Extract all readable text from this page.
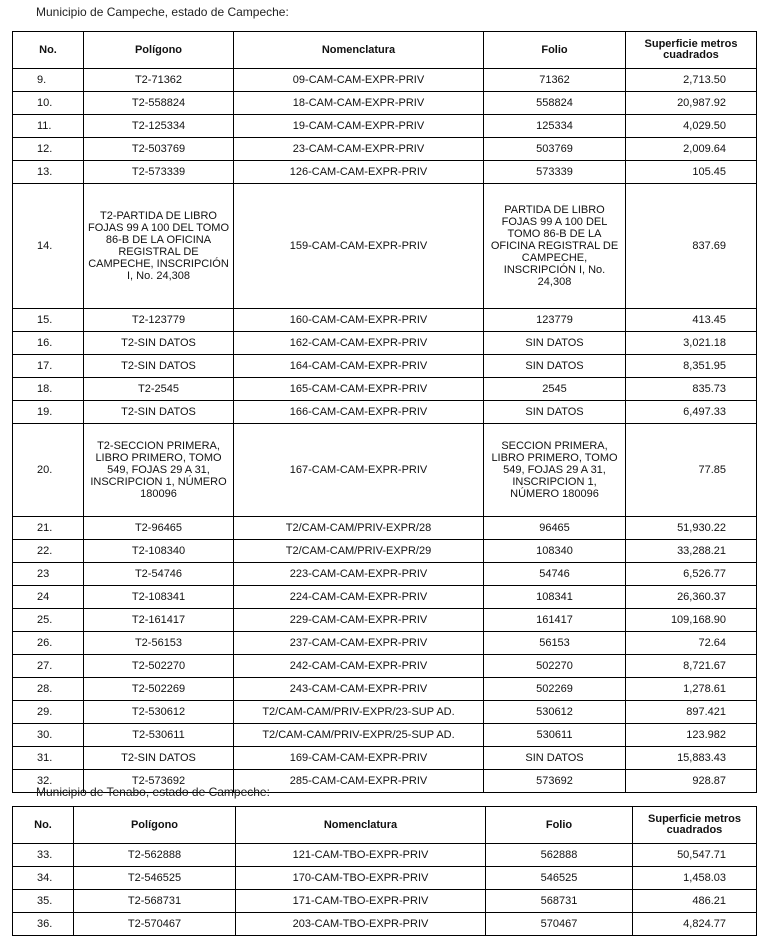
Municipio de Campeche, estado de Campeche:
No.	Polígono	Nomenclatura	Folio	Superficie metros cuadrados
9.	T2-71362	09-CAM-CAM-EXPR-PRIV	71362	2,713.50
10.	T2-558824	18-CAM-CAM-EXPR-PRIV	558824	20,987.92
11.	T2-125334	19-CAM-CAM-EXPR-PRIV	125334	4,029.50
12.	T2-503769	23-CAM-CAM-EXPR-PRIV	503769	2,009.64
13.	T2-573339	126-CAM-CAM-EXPR-PRIV	573339	105.45
14.	T2-PARTIDA DE LIBRO FOJAS 99 A 100 DEL TOMO 86-B DE LA OFICINA REGISTRAL DE CAMPECHE, INSCRIPCIÓN I, No. 24,308	159-CAM-CAM-EXPR-PRIV	PARTIDA DE LIBRO FOJAS 99 A 100 DEL TOMO 86-B DE LA OFICINA REGISTRAL DE CAMPECHE, INSCRIPCIÓN I, No. 24,308	837.69
15.	T2-123779	160-CAM-CAM-EXPR-PRIV	123779	413.45
16.	T2-SIN DATOS	162-CAM-CAM-EXPR-PRIV	SIN DATOS	3,021.18
17.	T2-SIN DATOS	164-CAM-CAM-EXPR-PRIV	SIN DATOS	8,351.95
18.	T2-2545	165-CAM-CAM-EXPR-PRIV	2545	835.73
19.	T2-SIN DATOS	166-CAM-CAM-EXPR-PRIV	SIN DATOS	6,497.33
20.	T2-SECCION PRIMERA, LIBRO PRIMERO, TOMO 549, FOJAS 29 A 31, INSCRIPCION 1, NÚMERO 180096	167-CAM-CAM-EXPR-PRIV	SECCION PRIMERA, LIBRO PRIMERO, TOMO 549, FOJAS 29 A 31, INSCRIPCION 1, NÚMERO 180096	77.85
21.	T2-96465	T2/CAM-CAM/PRIV-EXPR/28	96465	51,930.22
22.	T2-108340	T2/CAM-CAM/PRIV-EXPR/29	108340	33,288.21
23	T2-54746	223-CAM-CAM-EXPR-PRIV	54746	6,526.77
24	T2-108341	224-CAM-CAM-EXPR-PRIV	108341	26,360.37
25.	T2-161417	229-CAM-CAM-EXPR-PRIV	161417	109,168.90
26.	T2-56153	237-CAM-CAM-EXPR-PRIV	56153	72.64
27.	T2-502270	242-CAM-CAM-EXPR-PRIV	502270	8,721.67
28.	T2-502269	243-CAM-CAM-EXPR-PRIV	502269	1,278.61
29.	T2-530612	T2/CAM-CAM/PRIV-EXPR/23-SUP AD.	530612	897.421
30.	T2-530611	T2/CAM-CAM/PRIV-EXPR/25-SUP AD.	530611	123.982
31.	T2-SIN DATOS	169-CAM-CAM-EXPR-PRIV	SIN DATOS	15,883.43
32.	T2-573692	285-CAM-CAM-EXPR-PRIV	573692	928.87
Municipio de Tenabo, estado de Campeche:
No.	Polígono	Nomenclatura	Folio	Superficie metros cuadrados
33.	T2-562888	121-CAM-TBO-EXPR-PRIV	562888	50,547.71
34.	T2-546525	170-CAM-TBO-EXPR-PRIV	546525	1,458.03
35.	T2-568731	171-CAM-TBO-EXPR-PRIV	568731	486.21
36.	T2-570467	203-CAM-TBO-EXPR-PRIV	570467	4,824.77
